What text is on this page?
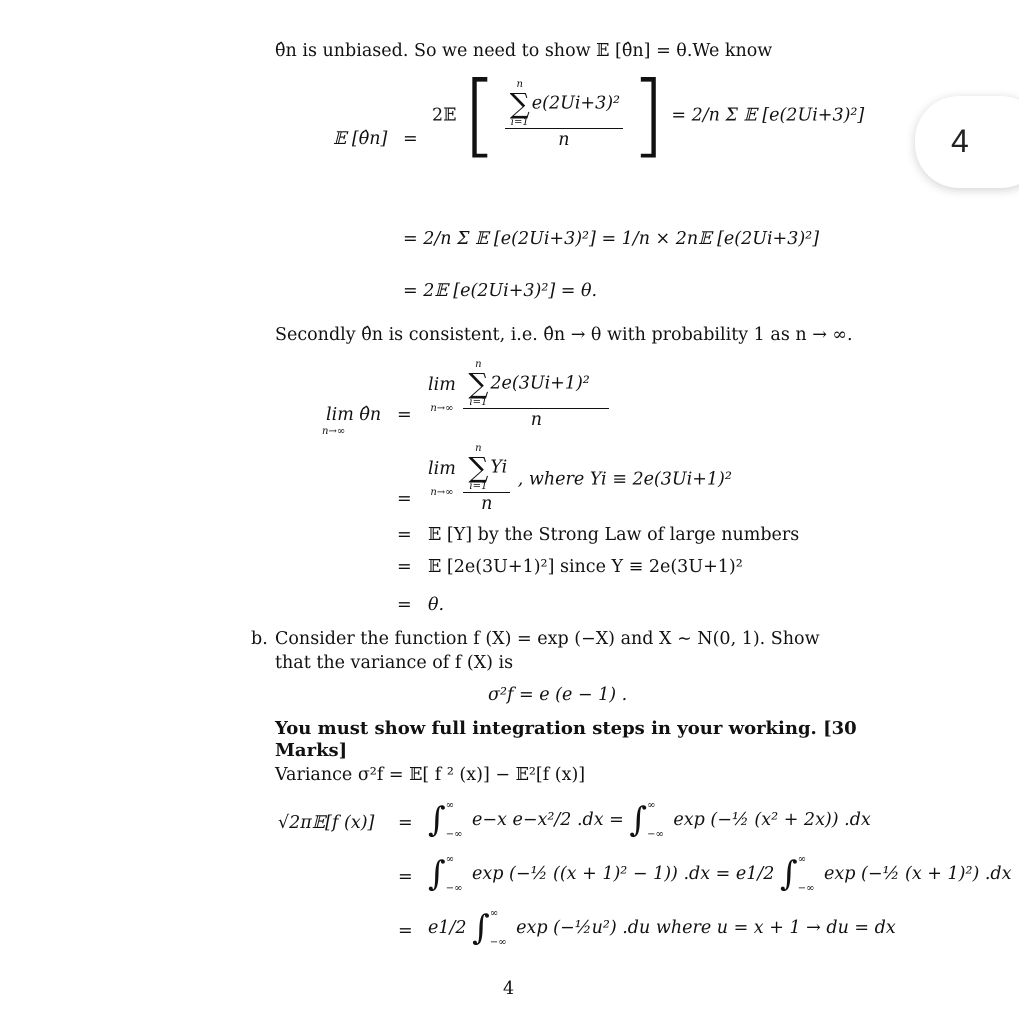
θ̂n is unbiased. So we need to show 𝔼 [θ̂n] = θ.We know
𝔼 [θ̂n] =
2𝔼 [ n
∑
i=1
e(2Ui+3)²
n ] = 2/n Σ 𝔼 [e(2Ui+3)²]
= 2/n Σ 𝔼 [e(2Ui+3)²] = 1/n × 2n𝔼 [e(2Ui+3)²]
= 2𝔼 [e(2Ui+3)²] = θ.
Secondly θ̂n is consistent, i.e. θ̂n → θ with probability 1 as n → ∞.
lim θ̂n
$^{n\to\infty}$
=
lim
n→∞ n
∑
i=1
2e(3Ui+1)²
n
=
lim
n→∞ n
∑
i=1
Yi
n , where Yi ≡ 2e(3Ui+1)²
= 𝔼 [Y] by the Strong Law of large numbers
= 𝔼 [2e(3U+1)²] since Y ≡ 2e(3U+1)²
= θ.
b. Consider the function f (X) = exp (−X) and X ∼ N(0, 1). Show
that the variance of f (X) is
σ²f = e (e − 1) .
You must show full integration steps in your working. [30
Marks]
Variance σ²f = 𝔼[ f ² (x)] − 𝔼²[f (x)]
√2π𝔼[f (x)] = ∫ ∞
−∞
e−x e−x²/2 .dx = ∫ ∞
−∞
exp (−½ (x² + 2x)) .dx
= ∫ ∞
−∞
exp (−½ ((x + 1)² − 1)) .dx = e1/2 ∫ ∞
−∞
exp (−½ (x + 1)²) .dx
= e1/2 ∫ ∞
−∞
exp (−½u²) .du where u = x + 1 → du = dx
4
4
